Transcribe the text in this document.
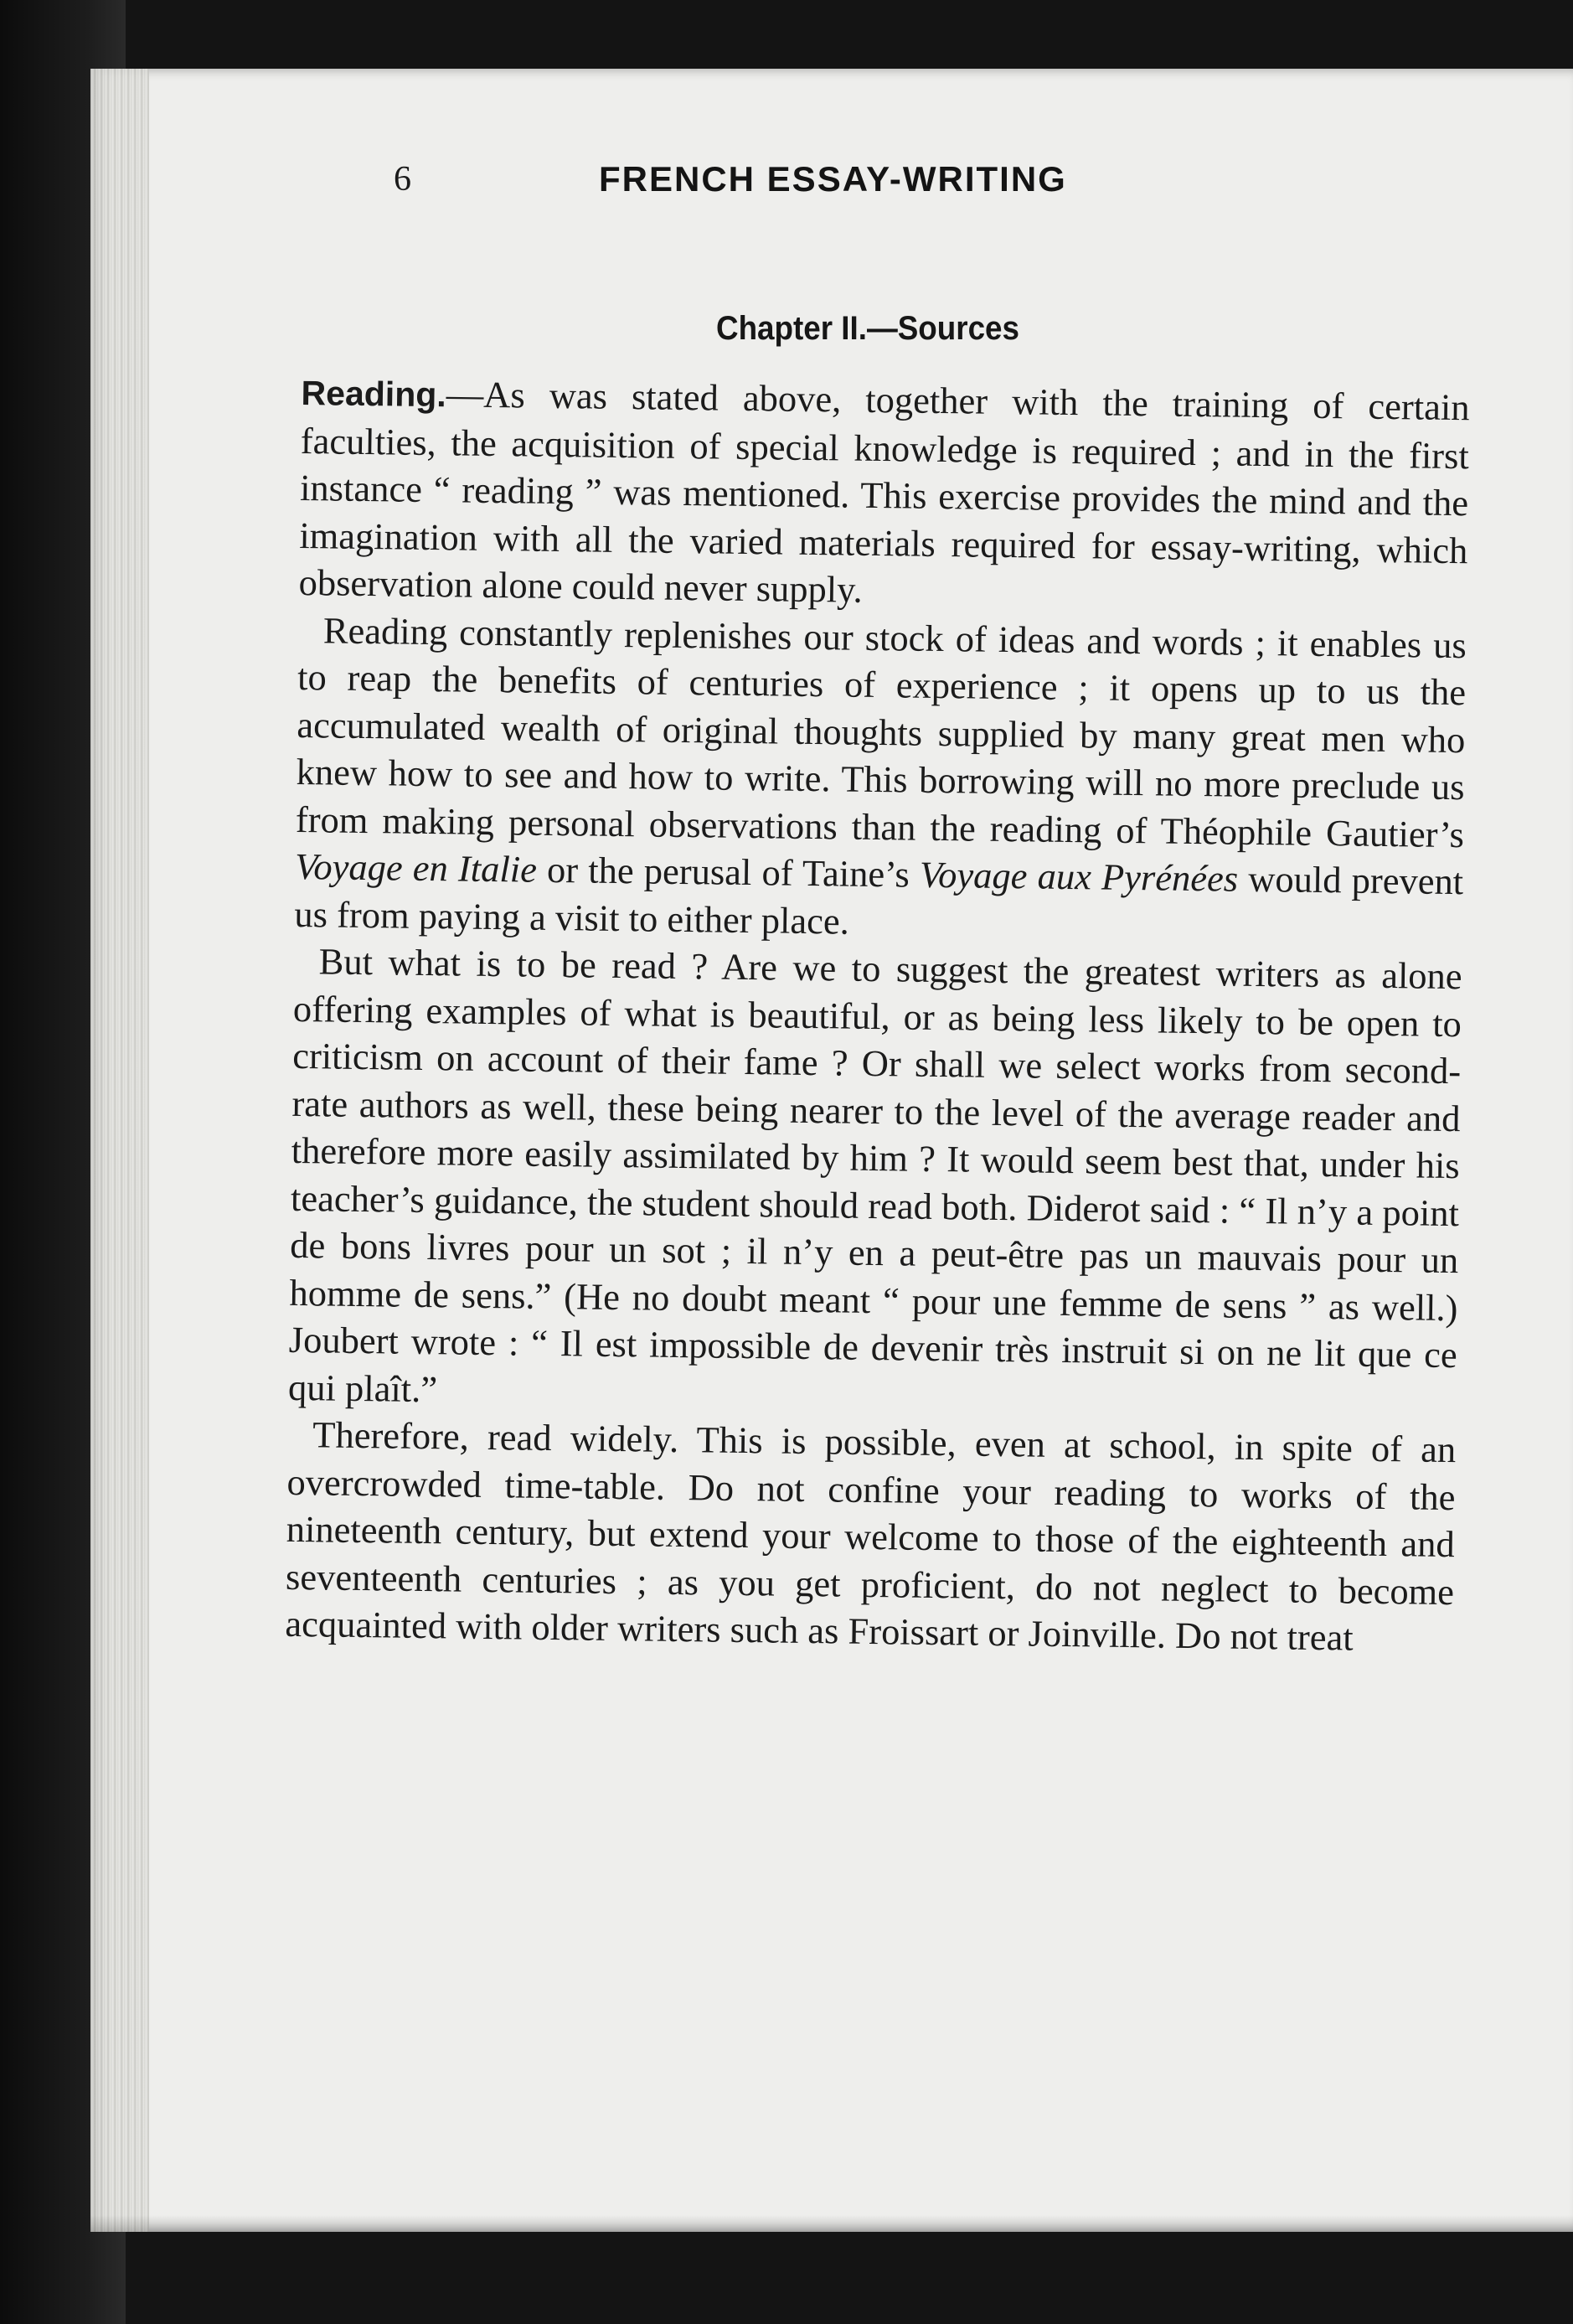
6	FRENCH ESSAY-WRITING
Chapter II.—Sources

Reading.—As was stated above, together with the training of certain faculties, the acquisition of special knowledge is required ; and in the first instance “ reading ” was mentioned. This exercise provides the mind and the imagination with all the varied materials required for essay-writing, which observation alone could never supply.

Reading constantly replenishes our stock of ideas and words ; it enables us to reap the benefits of centuries of experience ; it opens up to us the accumulated wealth of original thoughts supplied by many great men who knew how to see and how to write. This borrowing will no more preclude us from making personal observations than the reading of Théophile Gautier’s Voyage en Italie or the perusal of Taine’s Voyage aux Pyrénées would prevent us from paying a visit to either place.

But what is to be read ? Are we to suggest the greatest writers as alone offering examples of what is beautiful, or as being less likely to be open to criticism on account of their fame ? Or shall we select works from second-rate authors as well, these being nearer to the level of the average reader and therefore more easily assimilated by him ? It would seem best that, under his teacher’s guidance, the student should read both. Diderot said : “ Il n’y a point de bons livres pour un sot ; il n’y en a peut-être pas un mauvais pour un homme de sens.” (He no doubt meant “ pour une femme de sens ” as well.) Joubert wrote : “ Il est impossible de devenir très instruit si on ne lit que ce qui plaît.”

Therefore, read widely. This is possible, even at school, in spite of an overcrowded time-table. Do not confine your reading to works of the nineteenth century, but extend your welcome to those of the eighteenth and seventeenth centuries ; as you get proficient, do not neglect to become acquainted with older writers such as Froissart or Joinville. Do not treat
